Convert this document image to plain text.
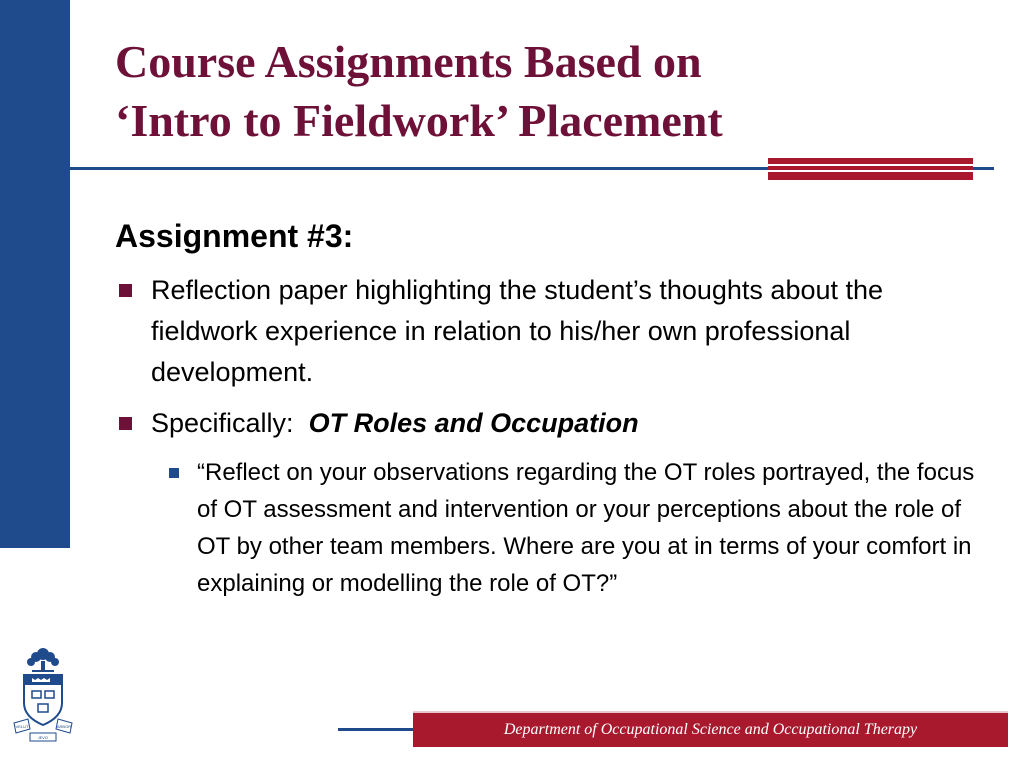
Course Assignments Based on
‘Intro to Fieldwork’ Placement
Assignment #3:
Reflection paper highlighting the student’s thoughts about the fieldwork experience in relation to his/her own professional development.
Specifically: OT Roles and Occupation
“Reflect on your observations regarding the OT roles portrayed, the focus of OT assessment and intervention or your perceptions about the role of OT by other team members. Where are you at in terms of your comfort in explaining or modelling the role of OT?”
VELUT	ARBOR
ÆVO	Department of Occupational Science and Occupational Therapy
